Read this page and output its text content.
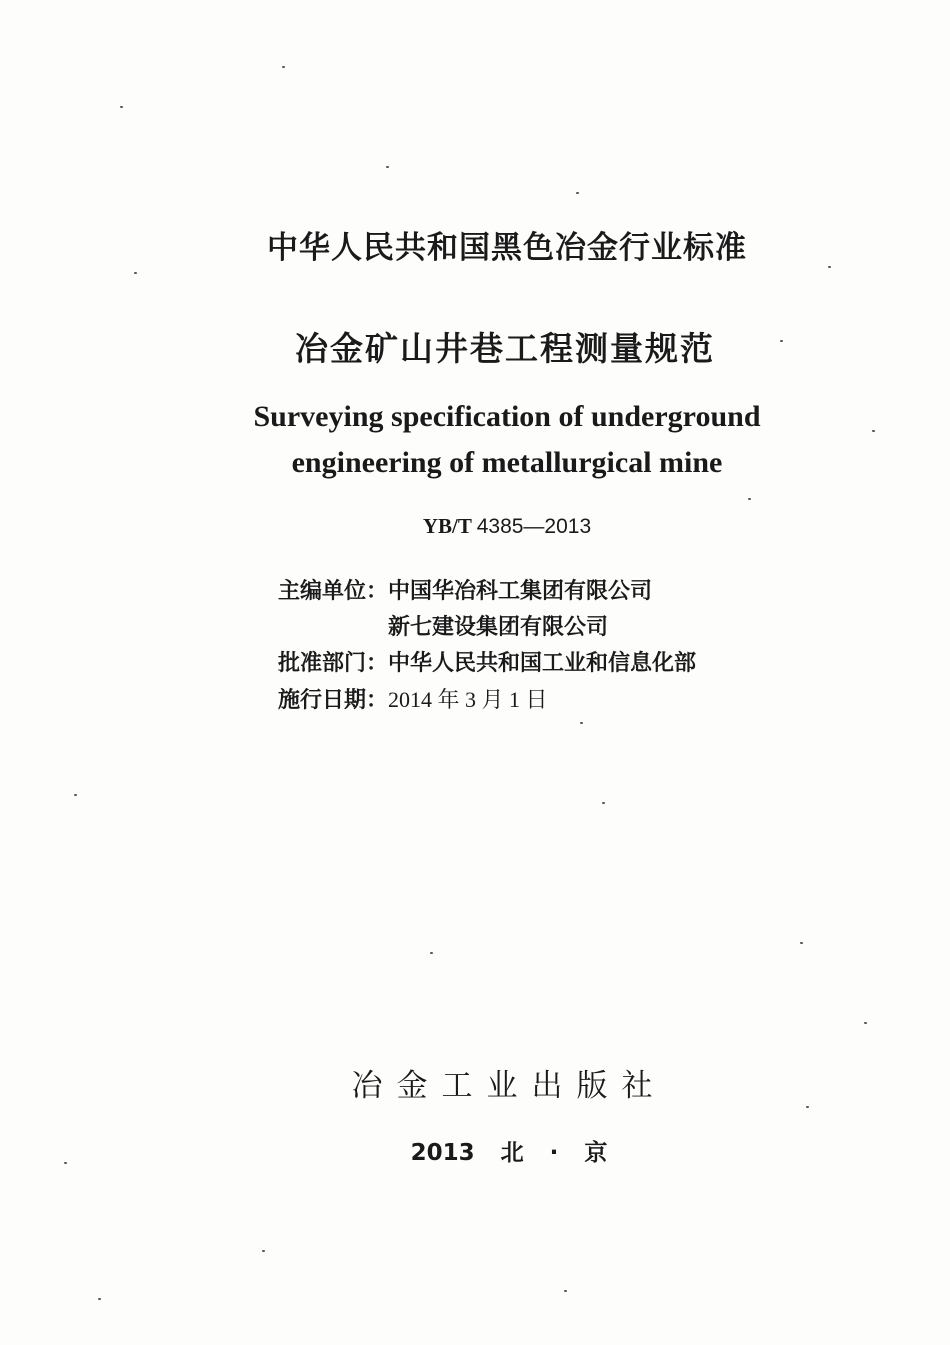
中华人民共和国黑色冶金行业标准
冶金矿山井巷工程测量规范
Surveying specification of underground
engineering of metallurgical mine
YB/T 4385—2013
主编单位：中国华冶科工集团有限公司
新七建设集团有限公司
批准部门：中华人民共和国工业和信息化部
施行日期：2014 年 3 月 1 日
冶金工业出版社
2013 北 · 京
